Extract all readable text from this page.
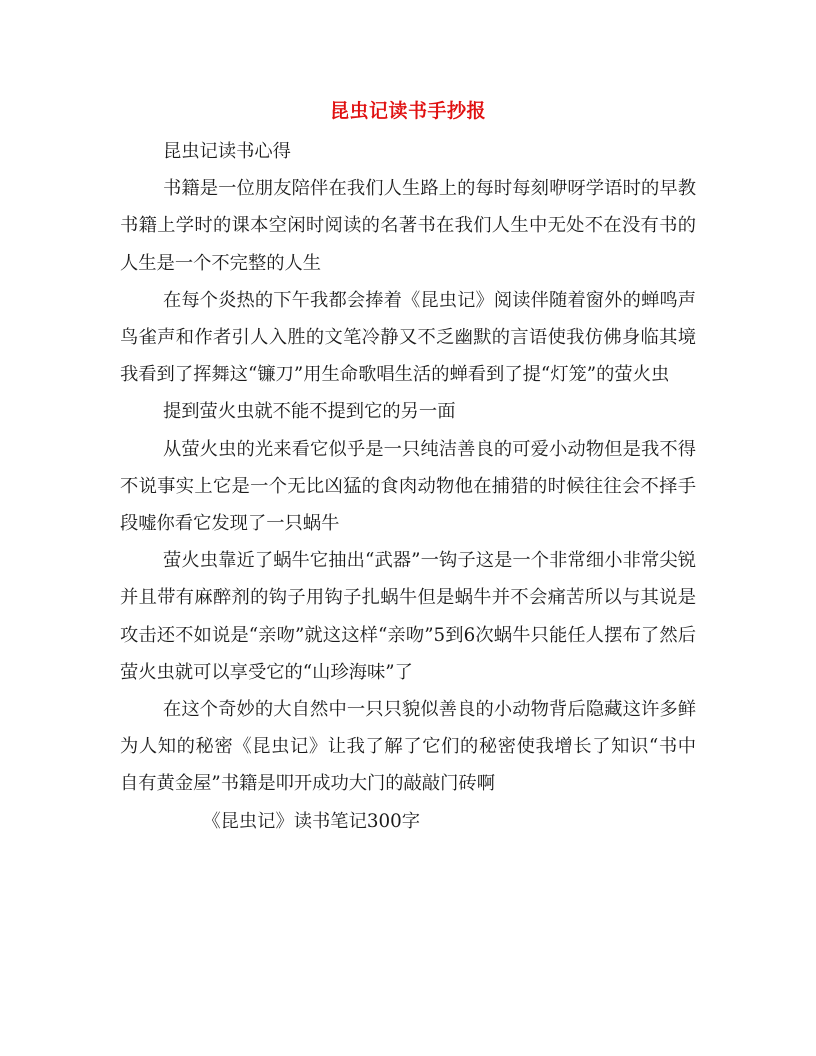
昆虫记读书手抄报

昆虫记读书心得

书籍是一位朋友陪伴在我们人生路上的每时每刻咿呀学语时的早教书籍上学时的课本空闲时阅读的名著书在我们人生中无处不在没有书的人生是一个不完整的人生

在每个炎热的下午我都会捧着《昆虫记》阅读伴随着窗外的蝉鸣声鸟雀声和作者引人入胜的文笔冷静又不乏幽默的言语使我仿佛身临其境我看到了挥舞这“镰刀”用生命歌唱生活的蝉看到了提“灯笼”的萤火虫

提到萤火虫就不能不提到它的另一面

从萤火虫的光来看它似乎是一只纯洁善良的可爱小动物但是我不得不说事实上它是一个无比凶猛的食肉动物他在捕猎的时候往往会不择手段嘘你看它发现了一只蜗牛

萤火虫靠近了蜗牛它抽出“武器”一钩子这是一个非常细小非常尖锐并且带有麻醉剂的钩子用钩子扎蜗牛但是蜗牛并不会痛苦所以与其说是攻击还不如说是“亲吻”就这这样“亲吻”5到6次蜗牛只能任人摆布了然后萤火虫就可以享受它的“山珍海味”了

在这个奇妙的大自然中一只只貌似善良的小动物背后隐藏这许多鲜为人知的秘密《昆虫记》让我了解了它们的秘密使我增长了知识“书中自有黄金屋”书籍是叩开成功大门的敲敲门砖啊

《昆虫记》读书笔记300字
